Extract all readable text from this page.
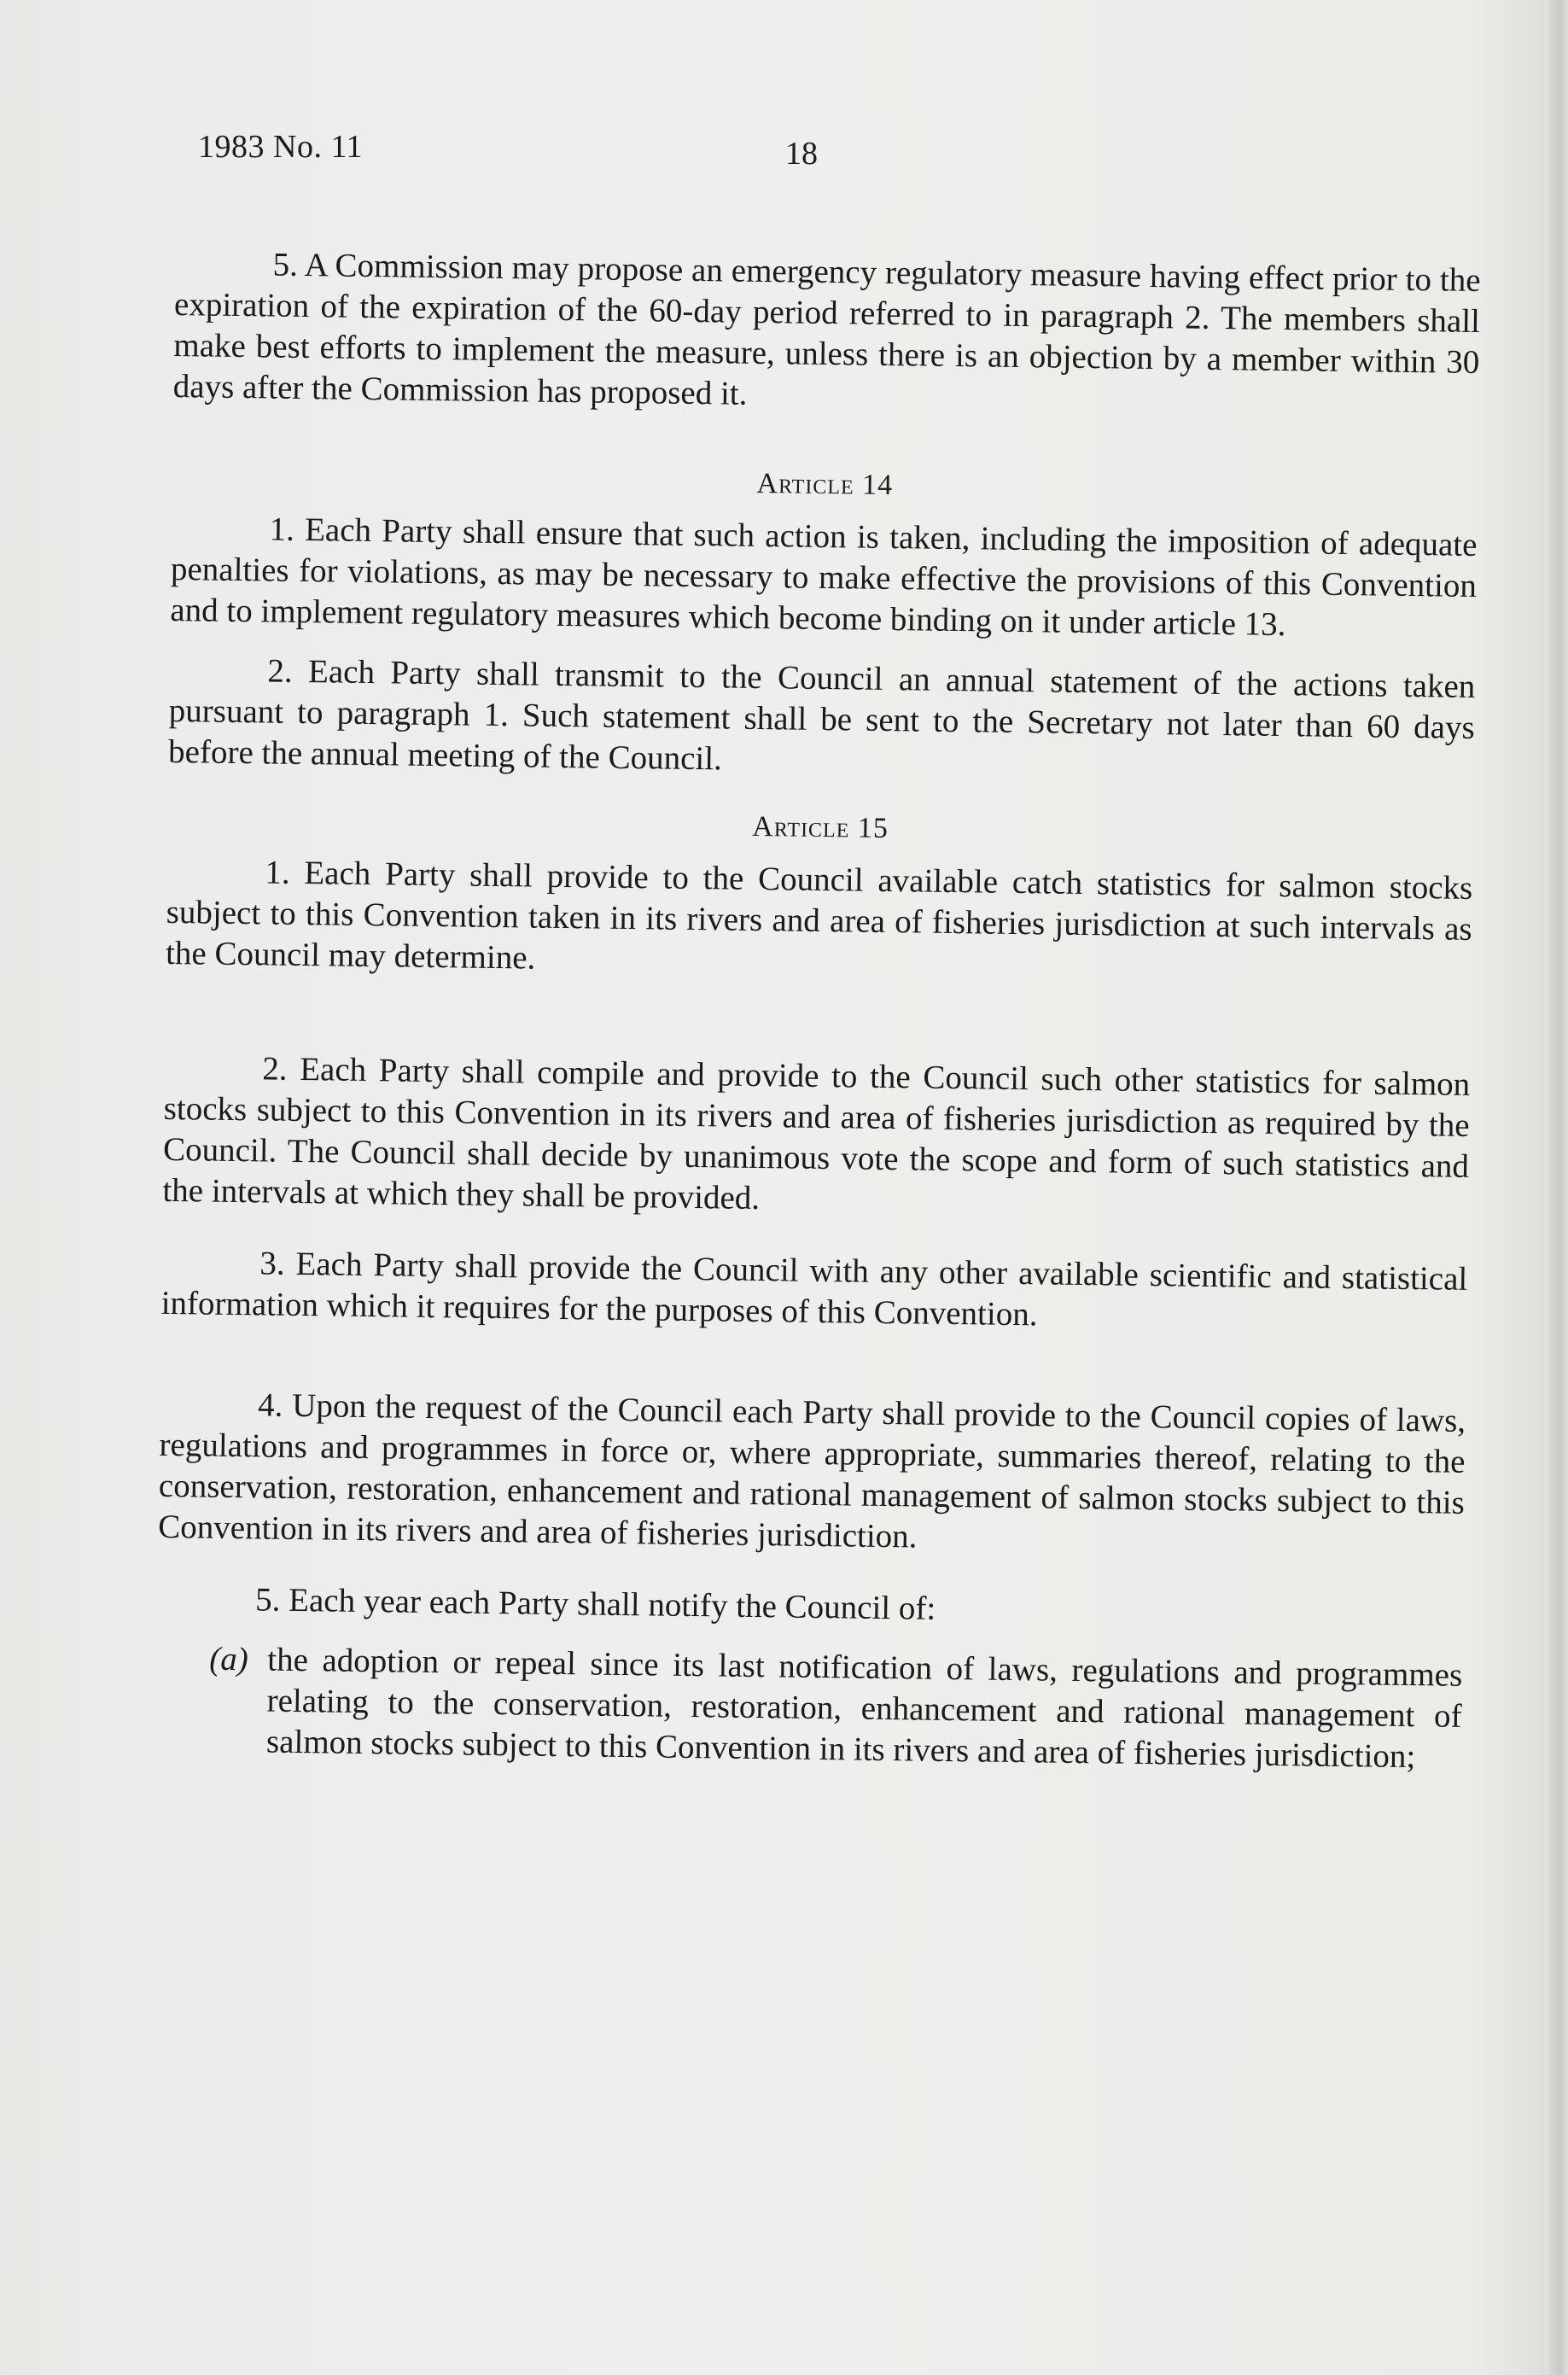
1983 No. 11	18

5. A Commission may propose an emergency regulatory measure having effect prior to the expiration of the expiration of the 60-day period referred to in paragraph 2. The members shall make best efforts to implement the measure, unless there is an objection by a member within 30 days after the Commission has proposed it.

Article 14

1. Each Party shall ensure that such action is taken, including the imposition of adequate penalties for violations, as may be necessary to make effective the provisions of this Convention and to implement regulatory measures which become binding on it under article 13.

2. Each Party shall transmit to the Council an annual statement of the actions taken pursuant to paragraph 1. Such statement shall be sent to the Secretary not later than 60 days before the annual meeting of the Council.

Article 15

1. Each Party shall provide to the Council available catch statistics for salmon stocks subject to this Convention taken in its rivers and area of fisheries jurisdiction at such intervals as the Council may determine.

2. Each Party shall compile and provide to the Council such other statistics for salmon stocks subject to this Convention in its rivers and area of fisheries jurisdiction as required by the Council. The Council shall decide by unanimous vote the scope and form of such statistics and the intervals at which they shall be provided.

3. Each Party shall provide the Council with any other available scientific and statistical information which it requires for the purposes of this Convention.

4. Upon the request of the Council each Party shall provide to the Council copies of laws, regulations and programmes in force or, where appropriate, summaries thereof, relating to the conservation, restoration, enhancement and rational management of salmon stocks subject to this Convention in its rivers and area of fisheries jurisdiction.

5. Each year each Party shall notify the Council of:

(a) the adoption or repeal since its last notification of laws, regulations and programmes relating to the conservation, restoration, enhancement and rational management of salmon stocks subject to this Convention in its rivers and area of fisheries jurisdiction;
